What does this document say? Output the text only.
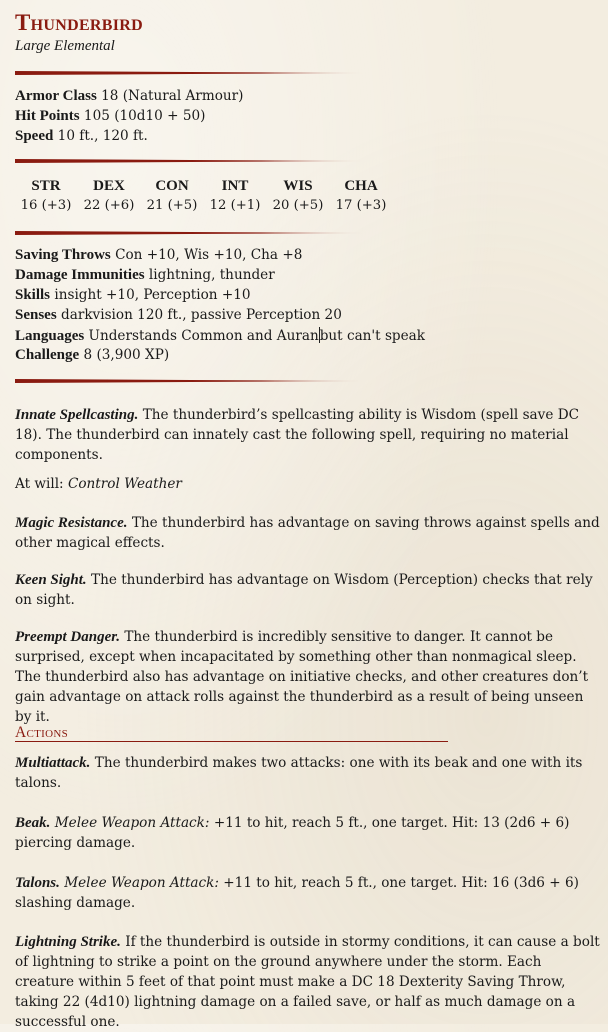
Thunderbird
Large Elemental
Armor Class 18 (Natural Armour)
Hit Points 105 (10d10 + 50)
Speed 10 ft., 120 ft.
STR
16 (+3)
DEX
22 (+6)
CON
21 (+5)
INT
12 (+1)
WIS
20 (+5)
CHA
17 (+3)
Saving Throws Con +10, Wis +10, Cha +8
Damage Immunities lightning, thunder
Skills insight +10, Perception +10
Senses darkvision 120 ft., passive Perception 20
Languages Understands Common and Auranbut can't speak
Challenge 8 (3,900 XP)
Innate Spellcasting. The thunderbird’s spellcasting ability is Wisdom (spell save DC 18). The thunderbird can innately cast the following spell, requiring no material components.
At will: Control Weather
Magic Resistance. The thunderbird has advantage on saving throws against spells and other magical effects.
Keen Sight. The thunderbird has advantage on Wisdom (Perception) checks that rely on sight.
Preempt Danger. The thunderbird is incredibly sensitive to danger. It cannot be surprised, except when incapacitated by something other than nonmagical sleep. The thunderbird also has advantage on initiative checks, and other creatures don’t gain advantage on attack rolls against the thunderbird as a result of being unseen by it.
Actions
Multiattack. The thunderbird makes two attacks: one with its beak and one with its talons.
Beak. Melee Weapon Attack: +11 to hit, reach 5 ft., one target. Hit: 13 (2d6 + 6) piercing damage.
Talons. Melee Weapon Attack: +11 to hit, reach 5 ft., one target. Hit: 16 (3d6 + 6) slashing damage.
Lightning Strike. If the thunderbird is outside in stormy conditions, it can cause a bolt of lightning to strike a point on the ground anywhere under the storm. Each creature within 5 feet of that point must make a DC 18 Dexterity Saving Throw, taking 22 (4d10) lightning damage on a failed save, or half as much damage on a successful one.
